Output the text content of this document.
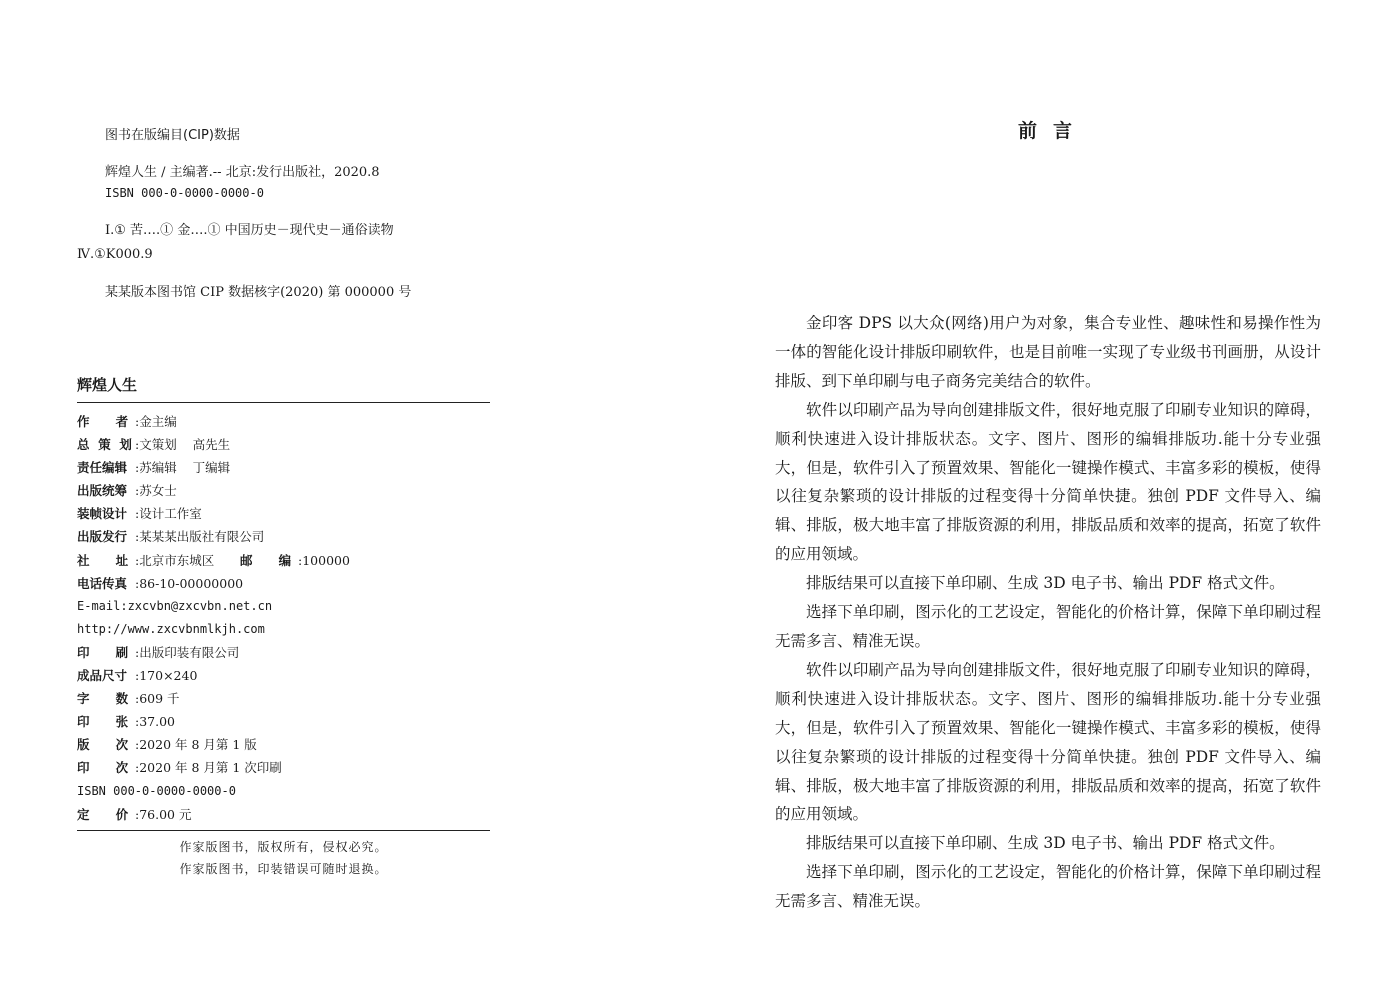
图书在版编目(CIP)数据
辉煌人生 / 主编著.-- 北京:发行出版社，2020.8
ISBN 000-0-0000-0000-0
I.① 苦….① 金….① 中国历史－现代史－通俗读物 Ⅳ.①K000.9
某某版本图书馆 CIP 数据核字(2020) 第 000000 号
辉煌人生
作      者 :金主编
总  策  划 :文策划    高先生
责任编辑 :苏编辑    丁编辑
出版统筹 :苏女士
装帧设计 :设计工作室
出版发行 :某某某出版社有限公司
社      址 :北京市东城区 邮      编 :100000
电话传真 :86-10-00000000
E-mail:zxcvbn@zxcvbn.net.cn
http://www.zxcvbnmlkjh.com
印      刷 :出版印装有限公司
成品尺寸 :170×240
字      数 :609 千
印      张 :37.00
版      次 :2020 年 8 月第 1 版
印      次 :2020 年 8 月第 1 次印刷
ISBN 000-0-0000-0000-0
定      价 :76.00 元
作家版图书，版权所有，侵权必究。
作家版图书，印装错误可随时退换。
前言

金印客 DPS 以大众(网络)用户为对象，集合专业性、趣味性和易操作性为一体的智能化设计排版印刷软件，也是目前唯一实现了专业级书刊画册，从设计排版、到下单印刷与电子商务完美结合的软件。

软件以印刷产品为导向创建排版文件，很好地克服了印刷专业知识的障碍，顺利快速进入设计排版状态。文字、图片、图形的编辑排版功.能十分专业强大，但是，软件引入了预置效果、智能化一键操作模式、丰富多彩的模板，使得以往复杂繁琐的设计排版的过程变得十分简单快捷。独创 PDF 文件导入、编辑、排版，极大地丰富了排版资源的利用，排版品质和效率的提高，拓宽了软件的应用领域。

排版结果可以直接下单印刷、生成 3D 电子书、输出 PDF 格式文件。

选择下单印刷，图示化的工艺设定，智能化的价格计算，保障下单印刷过程无需多言、精准无误。

软件以印刷产品为导向创建排版文件，很好地克服了印刷专业知识的障碍，顺利快速进入设计排版状态。文字、图片、图形的编辑排版功.能十分专业强大，但是，软件引入了预置效果、智能化一键操作模式、丰富多彩的模板，使得以往复杂繁琐的设计排版的过程变得十分简单快捷。独创 PDF 文件导入、编辑、排版，极大地丰富了排版资源的利用，排版品质和效率的提高，拓宽了软件的应用领域。

排版结果可以直接下单印刷、生成 3D 电子书、输出 PDF 格式文件。

选择下单印刷，图示化的工艺设定，智能化的价格计算，保障下单印刷过程无需多言、精准无误。
